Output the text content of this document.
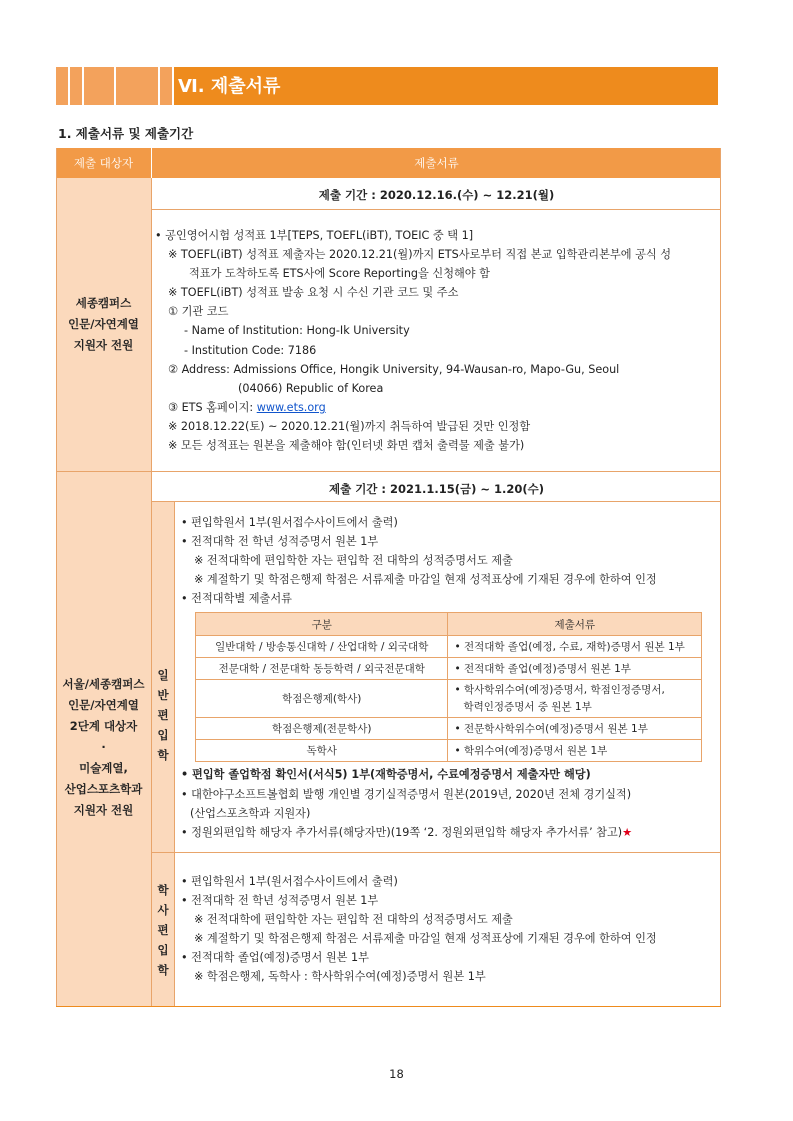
Ⅵ. 제출서류
1. 제출서류 및 제출기간
제출 대상자	제출서류
세종캠퍼스
인문/자연계열
지원자 전원
제출 기간 : 2020.12.16.(수) ~ 12.21(월)
• 공인영어시험 성적표 1부[TEPS, TOEFL(iBT), TOEIC 중 택 1]
※ TOEFL(iBT) 성적표 제출자는 2020.12.21(월)까지 ETS사로부터 직접 본교 입학관리본부에 공식 성
적표가 도착하도록 ETS사에 Score Reporting을 신청해야 함
※ TOEFL(iBT) 성적표 발송 요청 시 수신 기관 코드 및 주소
① 기관 코드
- Name of Institution: Hong-Ik University
- Institution Code: 7186
② Address: Admissions Office, Hongik University, 94-Wausan-ro, Mapo-Gu, Seoul
(04066) Republic of Korea
③ ETS 홈페이지: www.ets.org
※ 2018.12.22(토) ~ 2020.12.21(월)까지 취득하여 발급된 것만 인정함
※ 모든 성적표는 원본을 제출해야 함(인터넷 화면 캡처 출력물 제출 불가)
서울/세종캠퍼스
인문/자연계열
2단계 대상자
·
미술계열,
산업스포츠학과
지원자 전원
제출 기간 : 2021.1.15(금) ~ 1.20(수)
일
반
편
입
학
• 편입학원서 1부(원서접수사이트에서 출력)
• 전적대학 전 학년 성적증명서 원본 1부
※ 전적대학에 편입학한 자는 편입학 전 대학의 성적증명서도 제출
※ 계절학기 및 학점은행제 학점은 서류제출 마감일 현재 성적표상에 기재된 경우에 한하여 인정
• 전적대학별 제출서류

구분	제출서류
일반대학 / 방송통신대학 / 산업대학 / 외국대학	• 전적대학 졸업(예정, 수료, 재학)증명서 원본 1부
전문대학 / 전문대학 동등학력 / 외국전문대학	• 전적대학 졸업(예정)증명서 원본 1부
학점은행제(학사)	• 학사학위수여(예정)증명서, 학점인정증명서,
학력인정증명서 중 원본 1부

학점은행제(전문학사)	• 전문학사학위수여(예정)증명서 원본 1부
독학사	• 학위수여(예정)증명서 원본 1부
• 편입학 졸업학점 확인서(서식5) 1부(재학증명서, 수료예정증명서 제출자만 해당)
• 대한야구소프트볼협회 발행 개인별 경기실적증명서 원본(2019년, 2020년 전체 경기실적)
(산업스포츠학과 지원자)
• 정원외편입학 해당자 추가서류(해당자만)(19쪽 ‘2. 정원외편입학 해당자 추가서류’ 참고)★
학
사
편
입
학
• 편입학원서 1부(원서접수사이트에서 출력)
• 전적대학 전 학년 성적증명서 원본 1부
※ 전적대학에 편입학한 자는 편입학 전 대학의 성적증명서도 제출
※ 계절학기 및 학점은행제 학점은 서류제출 마감일 현재 성적표상에 기재된 경우에 한하여 인정
• 전적대학 졸업(예정)증명서 원본 1부
※ 학점은행제, 독학사 : 학사학위수여(예정)증명서 원본 1부
18
